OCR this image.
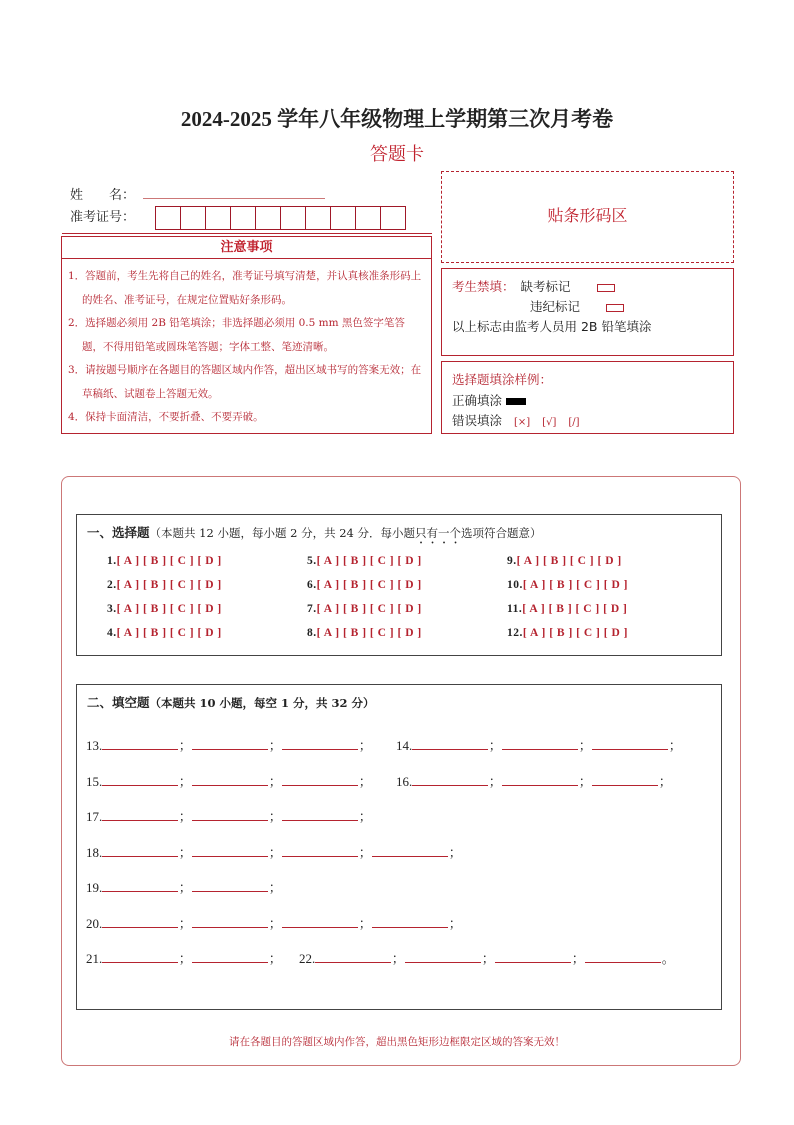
2024-2025 学年八年级物理上学期第三次月考卷
答题卡
姓　　名：
准考证号：
注意事项
1．答题前，考生先将自己的姓名，准考证号填写清楚，并认真核准条形码上的姓名、准考证号，在规定位置贴好条形码。
2．选择题必须用 2B 铅笔填涂；非选择题必须用 0.5 mm 黑色签字笔答题，不得用铅笔或圆珠笔答题；字体工整、笔迹清晰。
3．请按题号顺序在各题目的答题区域内作答，超出区域书写的答案无效；在草稿纸、试题卷上答题无效。
4．保持卡面清洁，不要折叠、不要弄破。
贴条形码区
考生禁填： 缺考标记
违纪标记
以上标志由监考人员用 2B 铅笔填涂
选择题填涂样例：
正确填涂
错误填涂 [×] [√] [/]
一、选择题（本题共 12 小题，每小题 2 分，共 24 分．每小题只有一个选项符合题意）
1.[ A ] [ B ] [ C ] [ D ]
2.[ A ] [ B ] [ C ] [ D ]
3.[ A ] [ B ] [ C ] [ D ]
4.[ A ] [ B ] [ C ] [ D ]
5.[ A ] [ B ] [ C ] [ D ]
6.[ A ] [ B ] [ C ] [ D ]
7.[ A ] [ B ] [ C ] [ D ]
8.[ A ] [ B ] [ C ] [ D ]
9.[ A ] [ B ] [ C ] [ D ]
10.[ A ] [ B ] [ C ] [ D ]
11.[ A ] [ B ] [ C ] [ D ]
12.[ A ] [ B ] [ C ] [ D ]
二、填空题（本题共 10 小题，每空 1 分，共 32 分）
13.	；	；	； 14.	；	；	；
15.	；	；	； 16.	；	；	；
17.	；	；	；
18.	；	；	；	；
19.	；	；
20.	；	；	；	；
21.	；	； 22.	；	；	；	。
请在各题目的答题区域内作答，超出黑色矩形边框限定区域的答案无效！
